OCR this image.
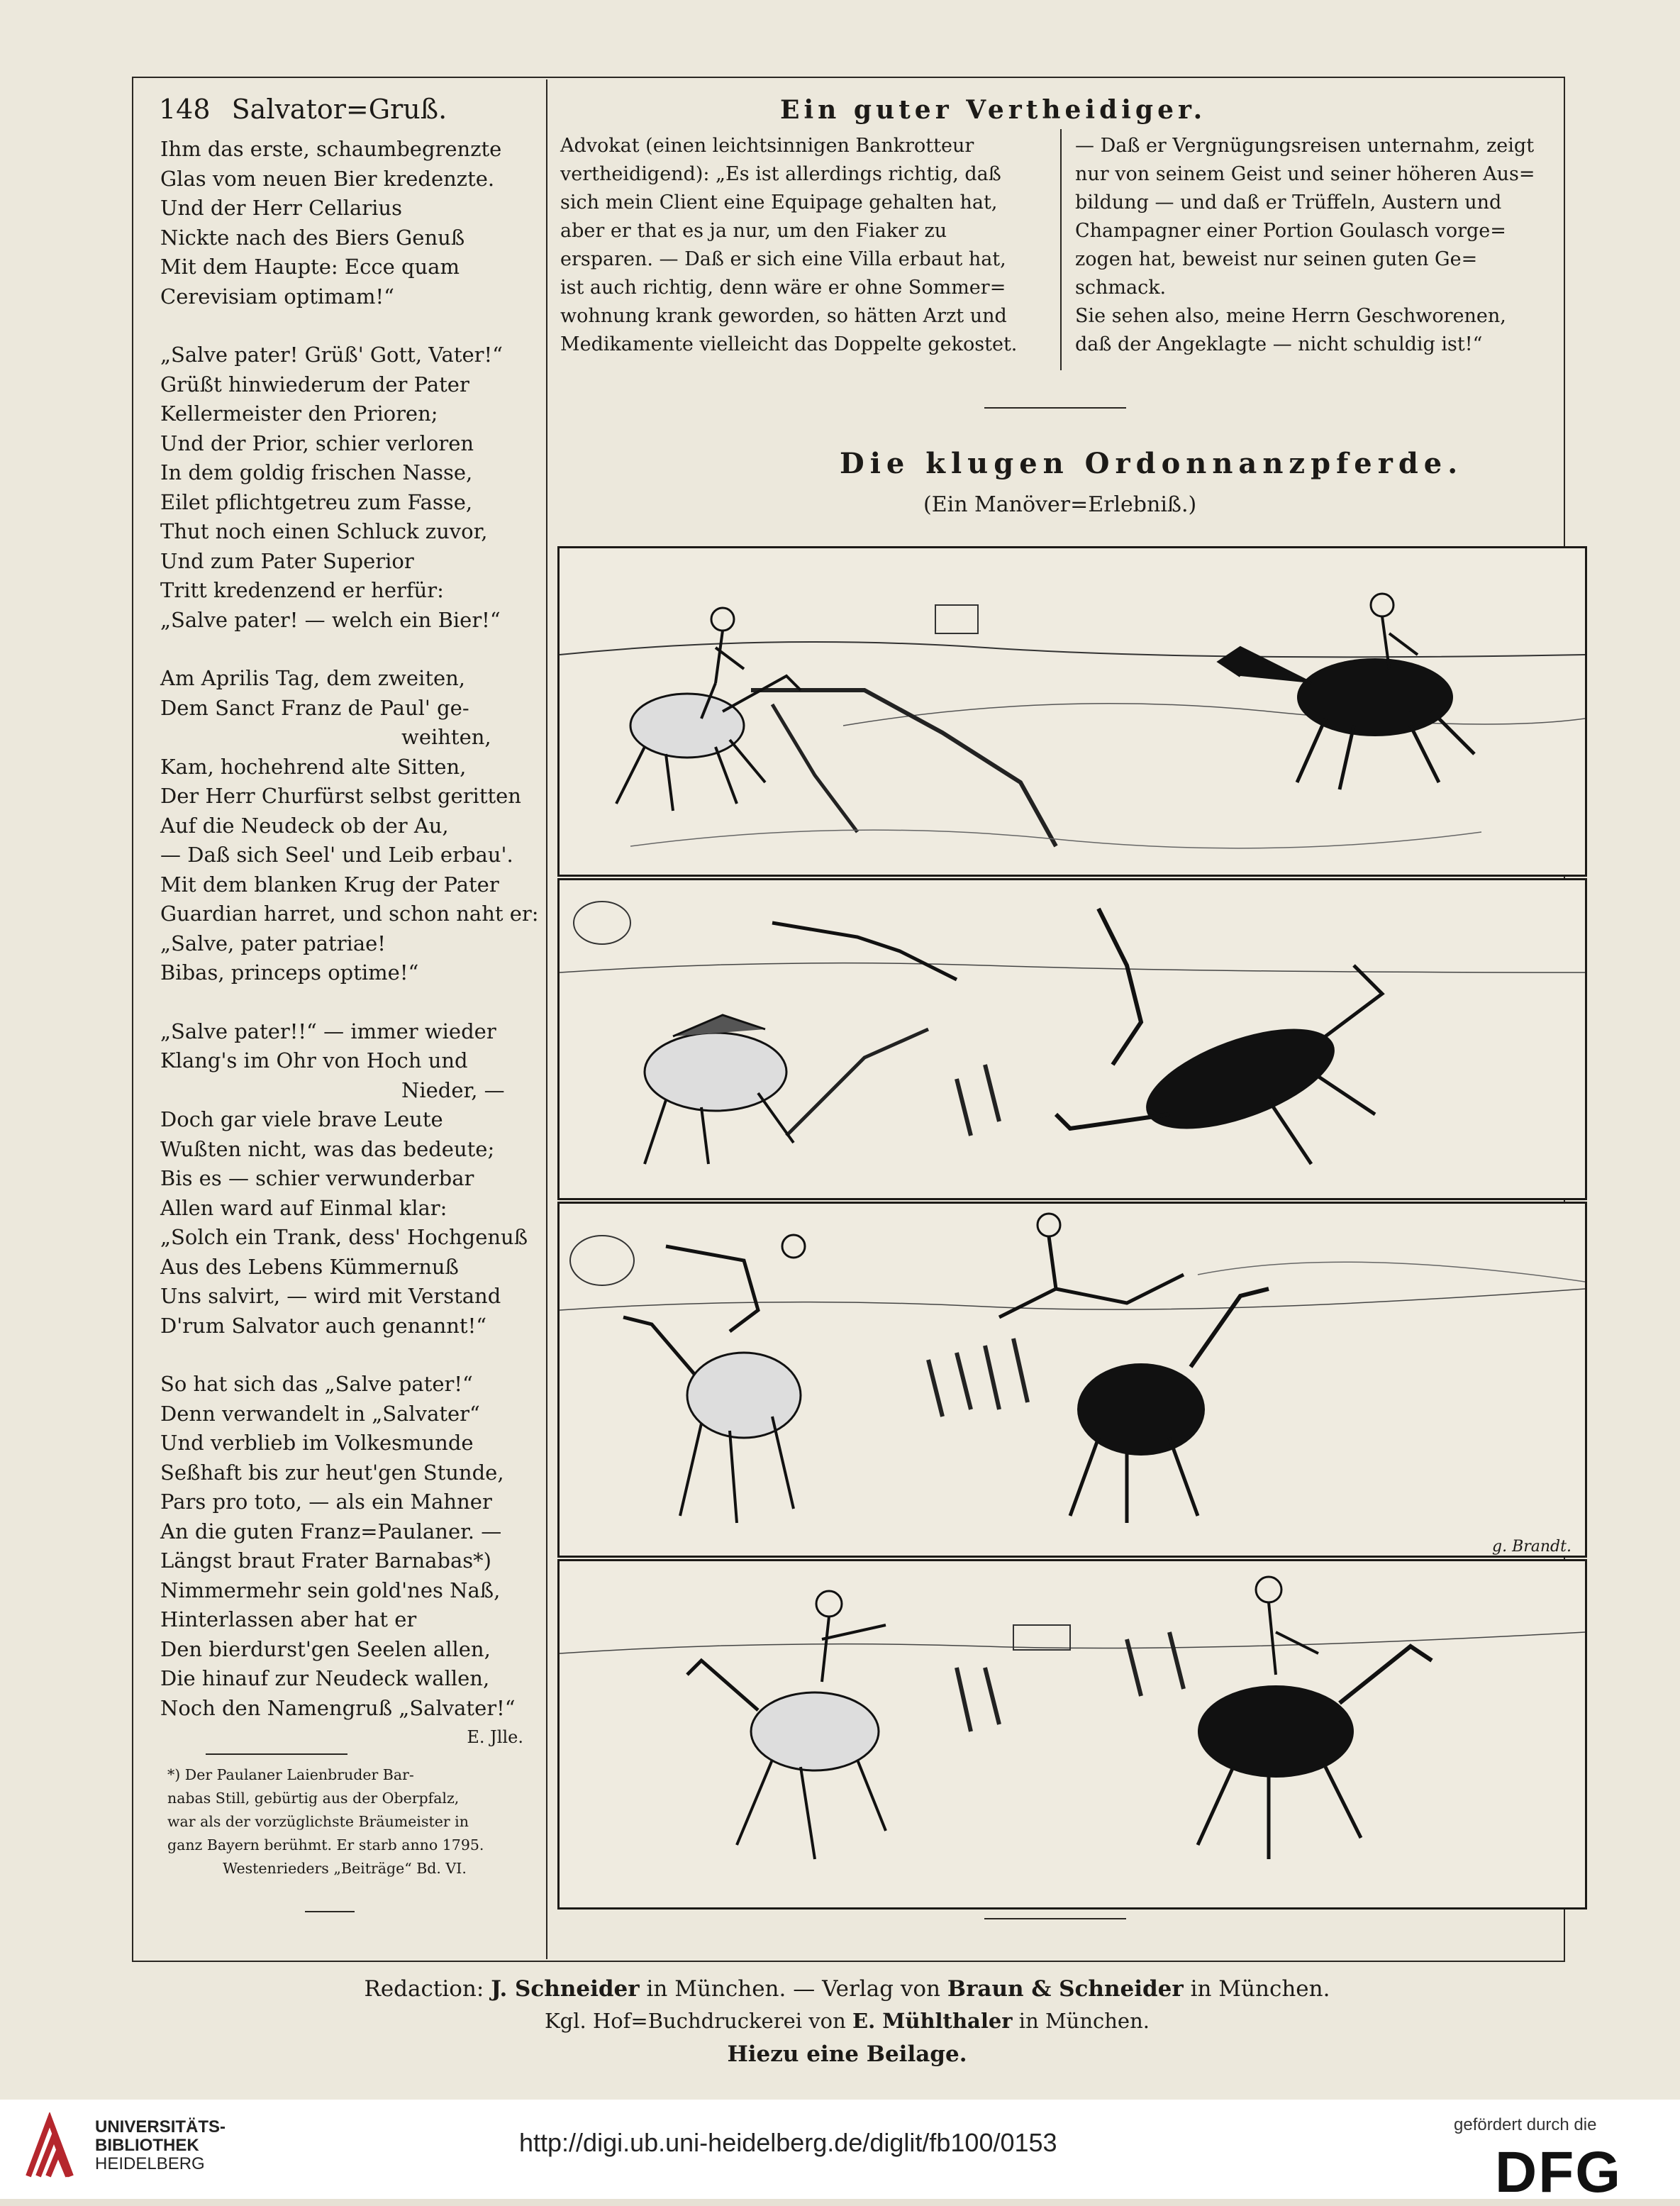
148 Salvator=Gruß.
Ihm das erste, schaumbegrenzte
Glas vom neuen Bier kredenzte.
Und der Herr Cellarius
Nickte nach des Biers Genuß
Mit dem Haupte: Ecce quam
Cerevisiam optimam!“
„Salve pater! Grüß' Gott, Vater!“
Grüßt hinwiederum der Pater
Kellermeister den Prioren;
Und der Prior, schier verloren
In dem goldig frischen Nasse,
Eilet pflichtgetreu zum Fasse,
Thut noch einen Schluck zuvor,
Und zum Pater Superior
Tritt kredenzend er herfür:
„Salve pater! — welch ein Bier!“
Am Aprilis Tag, dem zweiten,
Dem Sanct Franz de Paul' ge-
weihten,
Kam, hochehrend alte Sitten,
Der Herr Churfürst selbst geritten
Auf die Neudeck ob der Au,
— Daß sich Seel' und Leib erbau'.
Mit dem blanken Krug der Pater
Guardian harret, und schon naht er:
„Salve, pater patriae!
Bibas, princeps optime!“
„Salve pater!!“ — immer wieder
Klang's im Ohr von Hoch und
Nieder, —
Doch gar viele brave Leute
Wußten nicht, was das bedeute;
Bis es — schier verwunderbar
Allen ward auf Einmal klar:
„Solch ein Trank, dess' Hochgenuß
Aus des Lebens Kümmernuß
Uns salvirt, — wird mit Verstand
D'rum Salvator auch genannt!“
So hat sich das „Salve pater!“
Denn verwandelt in „Salvater“
Und verblieb im Volkesmunde
Seßhaft bis zur heut'gen Stunde,
Pars pro toto, — als ein Mahner
An die guten Franz=Paulaner. —
Längst braut Frater Barnabas*)
Nimmermehr sein gold'nes Naß,
Hinterlassen aber hat er
Den bierdurst'gen Seelen allen,
Die hinauf zur Neudeck wallen,
Noch den Namengruß „Salvater!“
E. Jlle.
*) Der Paulaner Laienbruder Bar-
nabas Still, gebürtig aus der Oberpfalz,
war als der vorzüglichste Bräumeister in
ganz Bayern berühmt. Er starb anno 1795.
Westenrieders „Beiträge“ Bd. VI.
Ein guter Vertheidiger.
Advokat (einen leichtsinnigen Bankrotteur
vertheidigend): „Es ist allerdings richtig, daß
sich mein Client eine Equipage gehalten hat,
aber er that es ja nur, um den Fiaker zu
ersparen. — Daß er sich eine Villa erbaut hat,
ist auch richtig, denn wäre er ohne Sommer=
wohnung krank geworden, so hätten Arzt und
Medikamente vielleicht das Doppelte gekostet.
— Daß er Vergnügungsreisen unternahm, zeigt
nur von seinem Geist und seiner höheren Aus=
bildung — und daß er Trüffeln, Austern und
Champagner einer Portion Goulasch vorge=
zogen hat, beweist nur seinen guten Ge=
schmack.
Sie sehen also, meine Herrn Geschworenen,
daß der Angeklagte — nicht schuldig ist!“
Die klugen Ordonnanzpferde.
(Ein Manöver=Erlebniß.)
g. Brandt.
Redaction: J. Schneider in München. — Verlag von Braun & Schneider in München.
Kgl. Hof=Buchdruckerei von E. Mühlthaler in München.
Hiezu eine Beilage.
UNIVERSITÄTS-
BIBLIOTHEK
HEIDELBERG
http://digi.ub.uni-heidelberg.de/diglit/fb100/0153
gefördert durch die
DFG
